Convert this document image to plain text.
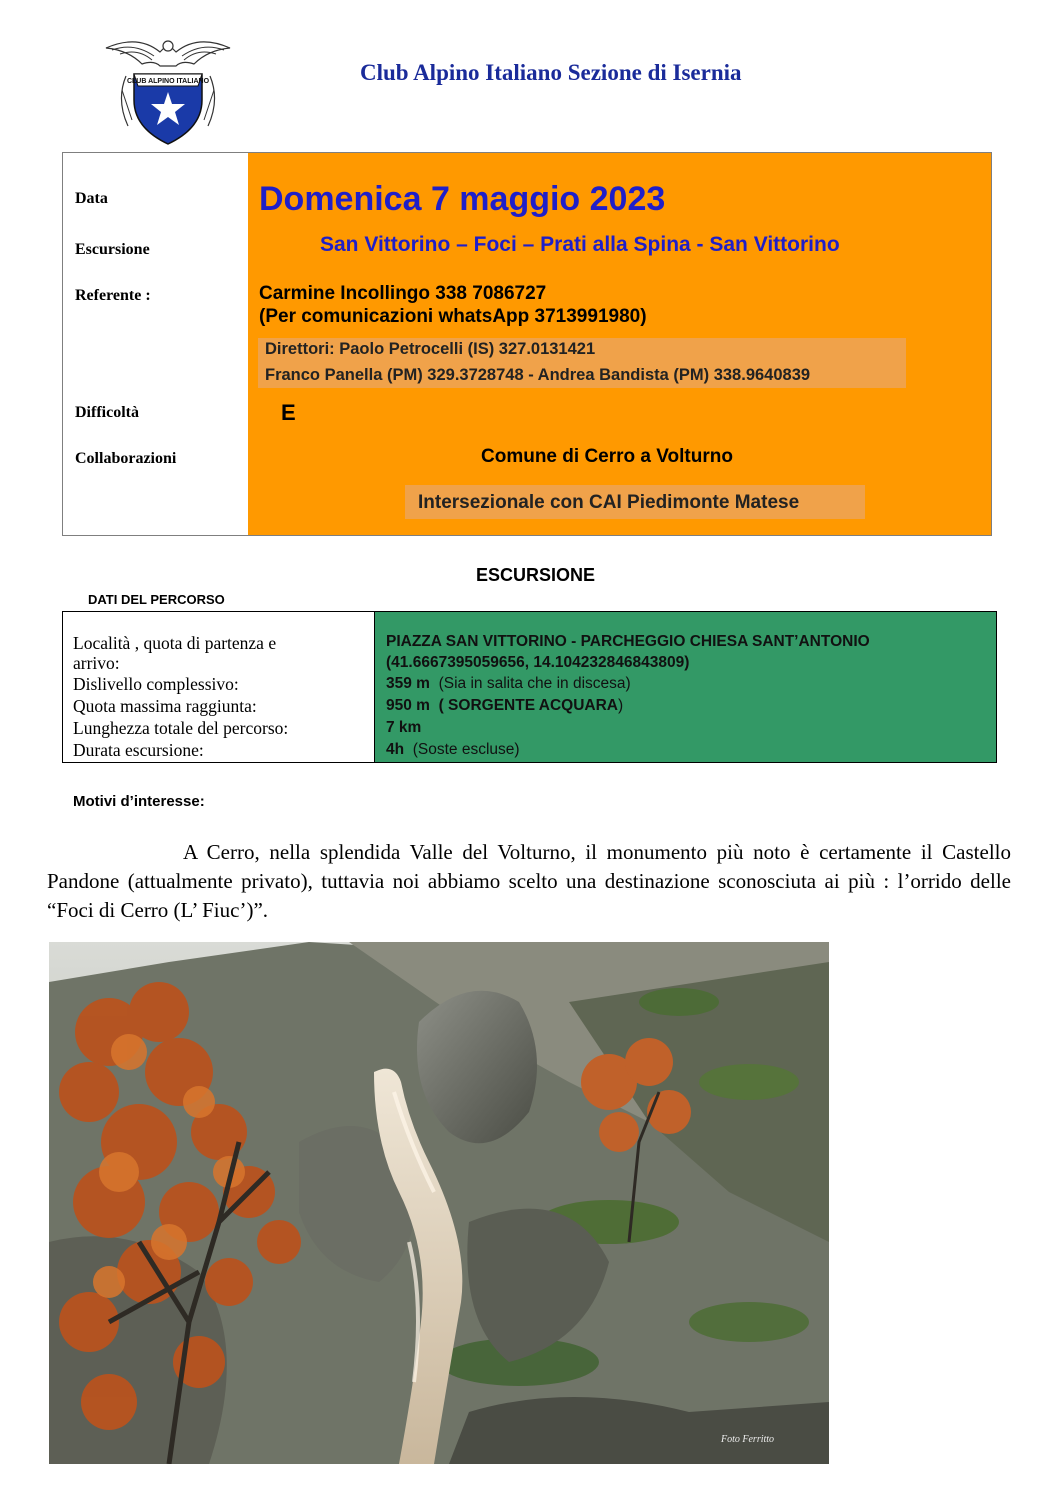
CLUB ALPINO ITALIANO	Club Alpino Italiano Sezione di Isernia
Data
Escursione
Referente :
Difficoltà
Collaborazioni
Domenica 7 maggio 2023
San Vittorino – Foci – Prati alla Spina - San Vittorino
Carmine Incollingo 338 7086727
(Per comunicazioni whatsApp 3713991980)
Direttori: Paolo Petrocelli (IS) 327.0131421
Franco Panella (PM) 329.3728748 - Andrea Bandista (PM) 338.9640839
E
Comune di Cerro a Volturno
Intersezionale con CAI Piedimonte Matese
ESCURSIONE
DATI DEL PERCORSO
Località , quota di partenza e
arrivo:
Dislivello complessivo:
Quota massima raggiunta:
Lunghezza totale del percorso:
Durata escursione:
PIAZZA SAN VITTORINO - PARCHEGGIO CHIESA SANT’ANTONIO
(41.6667395059656, 14.104232846843809)
359 m (Sia in salita che in discesa)
950 m ( SORGENTE ACQUARA)
7 km
4h (Soste escluse)
Motivi d’interesse:
A Cerro, nella splendida Valle del Volturno, il monumento più noto è certamente il Castello Pandone (attualmente privato), tuttavia noi abbiamo scelto una destinazione sconosciuta ai più : l’orrido delle “Foci di Cerro (L’ Fiuc’)”.
Foto Ferritto
